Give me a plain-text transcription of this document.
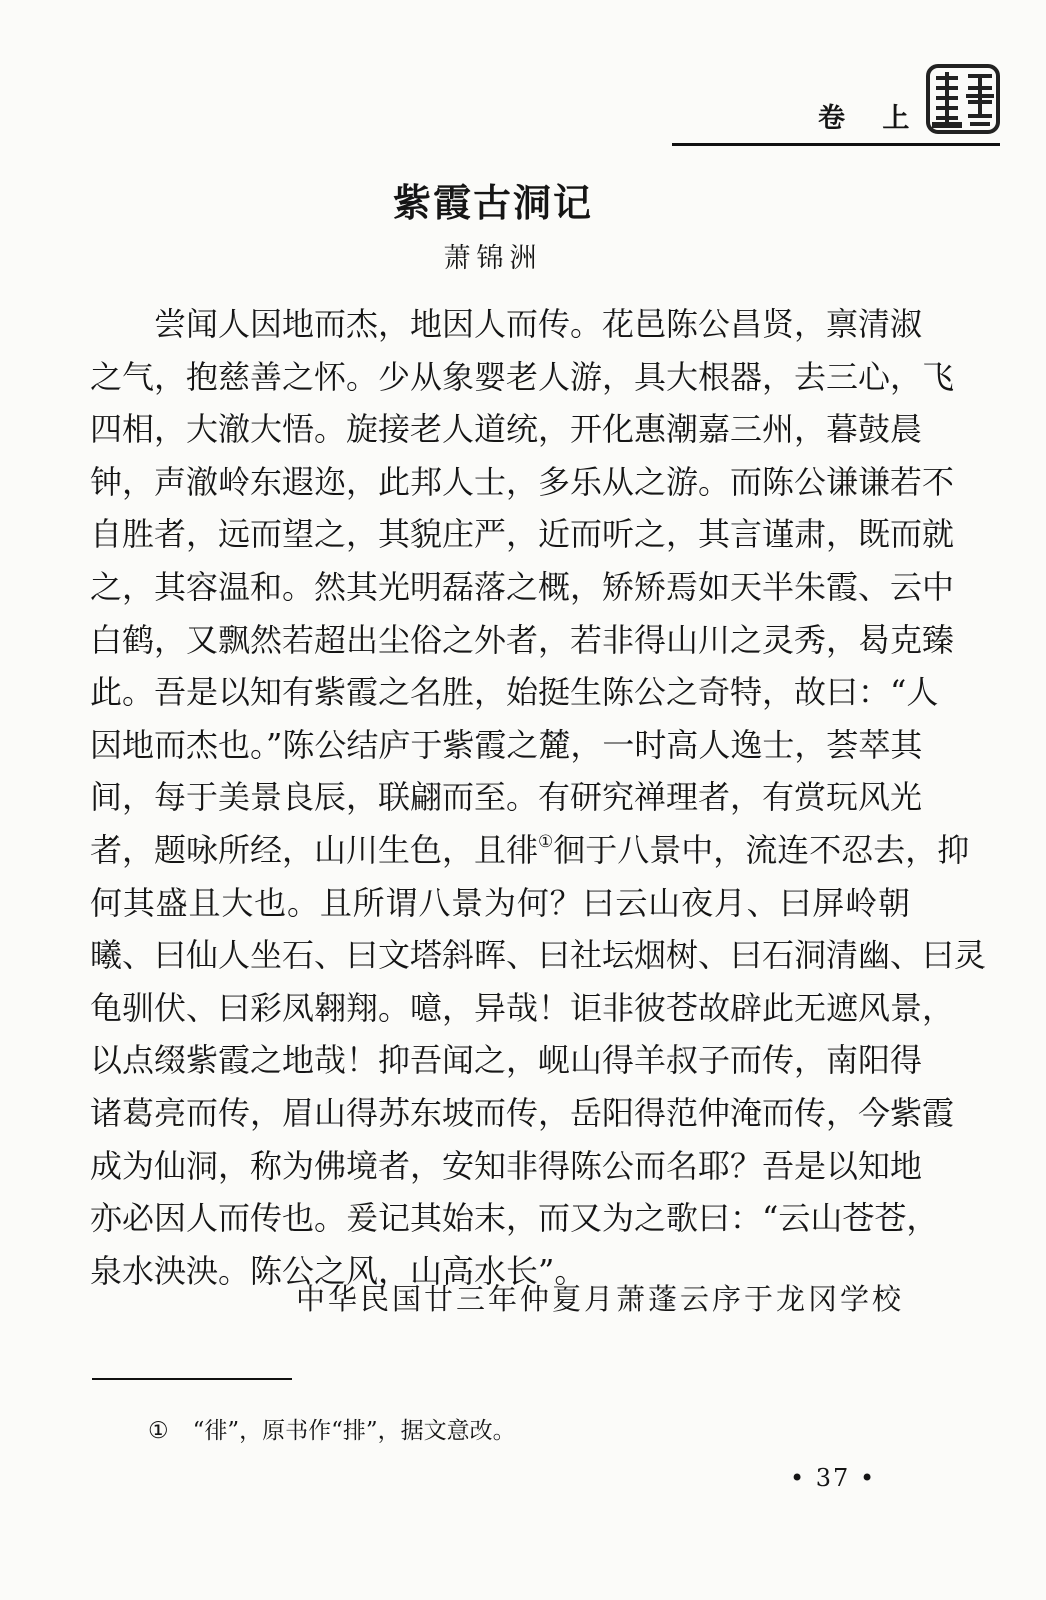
卷 上
紫霞古洞记
萧锦洲
尝闻人因地而杰，地因人而传。花邑陈公昌贤，禀清淑
之气，抱慈善之怀。少从象婴老人游，具大根器，去三心，飞
四相，大澈大悟。旋接老人道统，开化惠潮嘉三州，暮鼓晨
钟，声澈岭东遐迩，此邦人士，多乐从之游。而陈公谦谦若不
自胜者，远而望之，其貌庄严，近而听之，其言谨肃，既而就
之，其容温和。然其光明磊落之概，矫矫焉如天半朱霞、云中
白鹤，又飘然若超出尘俗之外者，若非得山川之灵秀，曷克臻
此。吾是以知有紫霞之名胜，始挺生陈公之奇特，故曰：“人
因地而杰也。”陈公结庐于紫霞之麓，一时高人逸士，荟萃其
间，每于美景良辰，联翩而至。有研究禅理者，有赏玩风光
者，题咏所经，山川生色，且徘①徊于八景中，流连不忍去，抑
何其盛且大也。且所谓八景为何？曰云山夜月、曰屏岭朝
曦、曰仙人坐石、曰文塔斜晖、曰社坛烟树、曰石洞清幽、曰灵
龟驯伏、曰彩凤翱翔。噫，异哉！讵非彼苍故辟此无遮风景，
以点缀紫霞之地哉！抑吾闻之，岘山得羊叔子而传，南阳得
诸葛亮而传，眉山得苏东坡而传，岳阳得范仲淹而传，今紫霞
成为仙洞，称为佛境者，安知非得陈公而名耶？吾是以知地
亦必因人而传也。爰记其始末，而又为之歌曰：“云山苍苍，
泉水泱泱。陈公之风，山高水长”。
中华民国廿三年仲夏月萧蓬云序于龙冈学校
① “徘”，原书作“排”，据文意改。
• 37 •
